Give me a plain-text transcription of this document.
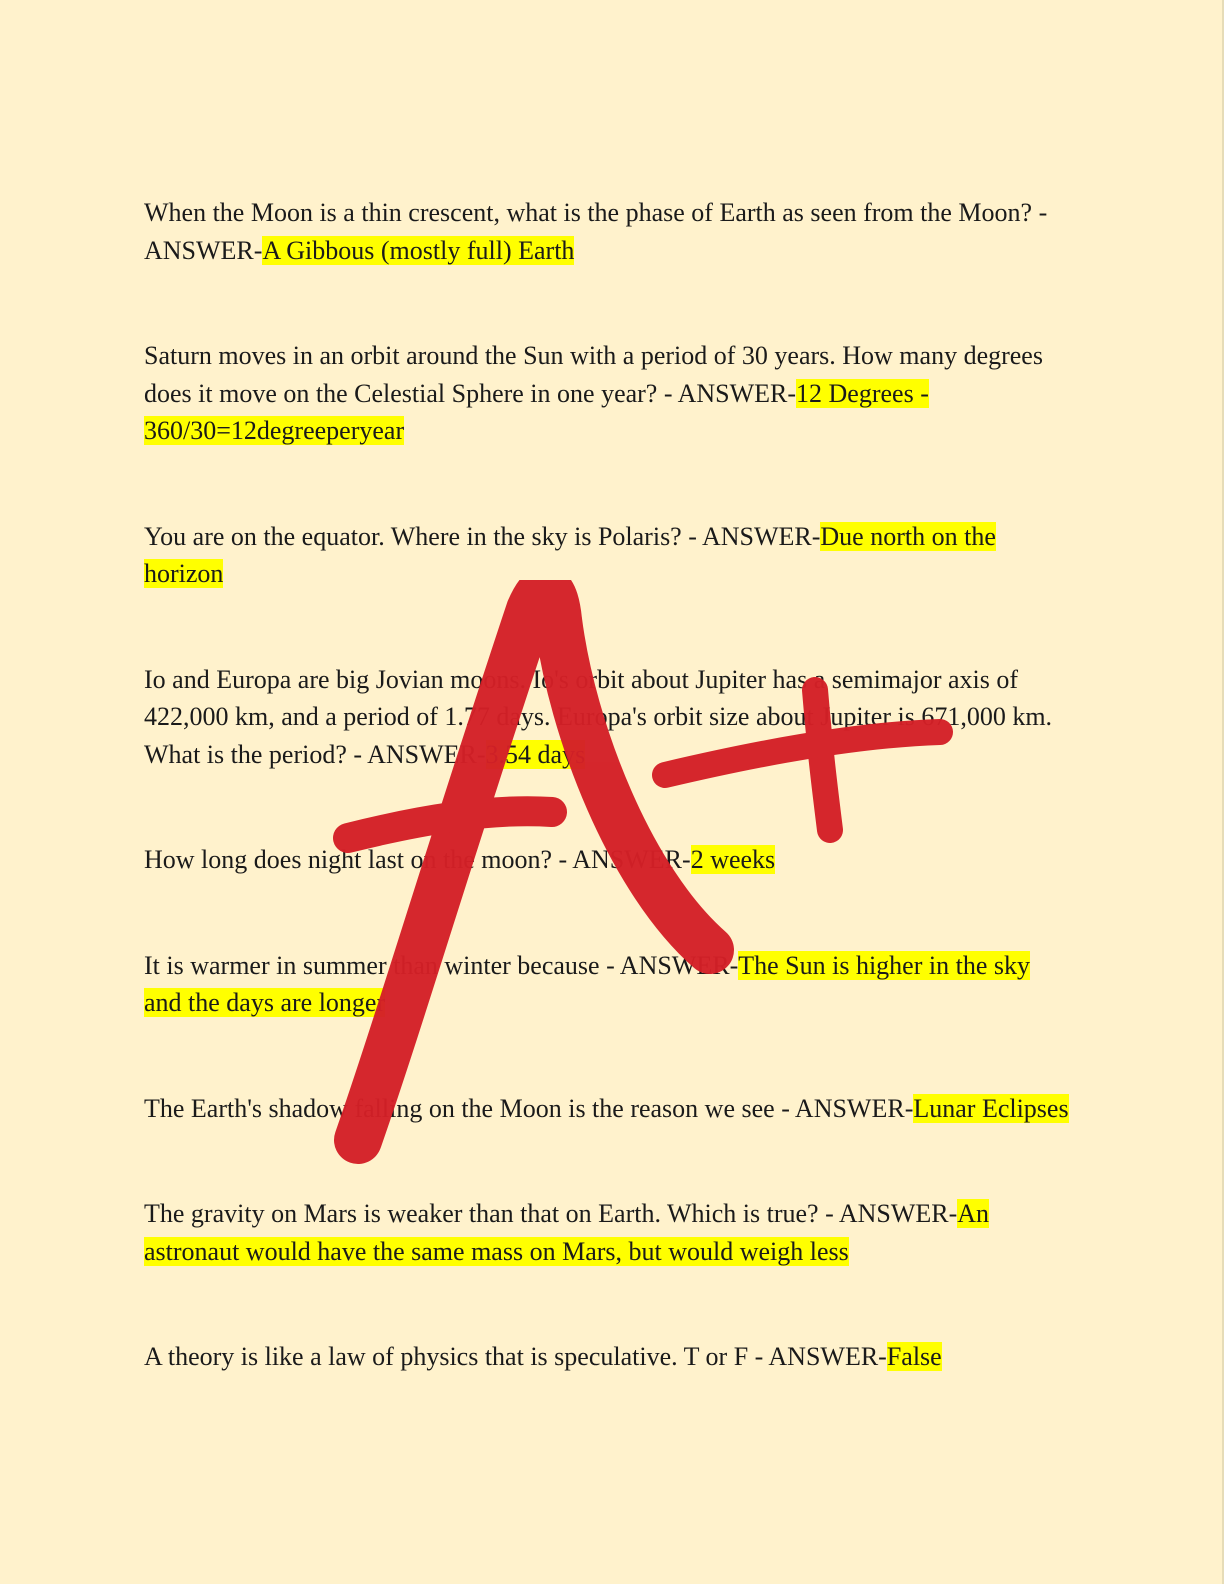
When the Moon is a thin crescent, what is the phase of Earth as seen from the Moon? - ANSWER-A Gibbous (mostly full) Earth

Saturn moves in an orbit around the Sun with a period of 30 years. How many degrees does it move on the Celestial Sphere in one year? - ANSWER-12 Degrees - 360/30=12degreeperyear

You are on the equator. Where in the sky is Polaris? - ANSWER-Due north on the horizon

Io and Europa are big Jovian moons. Io's orbit about Jupiter has a semimajor axis of 422,000 km, and a period of 1.77 days. Europa's orbit size about Jupiter is 671,000 km. What is the period? - ANSWER-3.54 days

How long does night last on the moon? - ANSWER-2 weeks

It is warmer in summer than winter because - ANSWER-The Sun is higher in the sky and the days are longer

The Earth's shadow falling on the Moon is the reason we see - ANSWER-Lunar Eclipses

The gravity on Mars is weaker than that on Earth. Which is true? - ANSWER-An astronaut would have the same mass on Mars, but would weigh less

A theory is like a law of physics that is speculative. T or F - ANSWER-False
